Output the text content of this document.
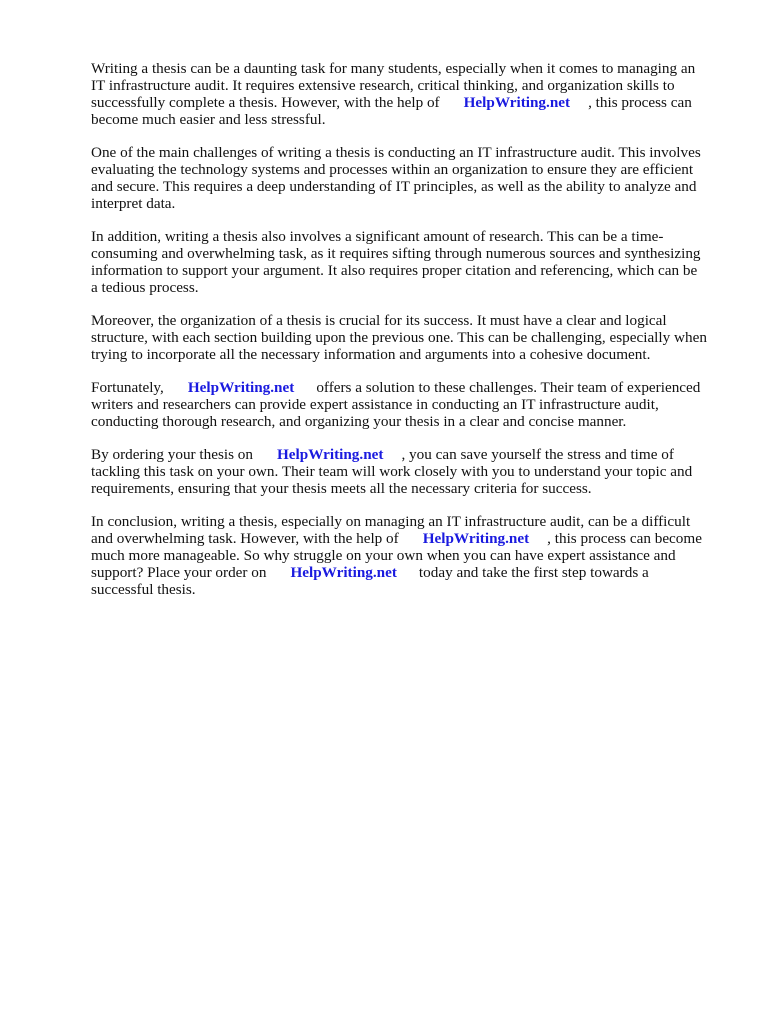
Writing a thesis can be a daunting task for many students, especially when it comes to managing an
IT infrastructure audit. It requires extensive research, critical thinking, and organization skills to
successfully complete a thesis. However, with the help of HelpWriting.net , this process can
become much easier and less stressful.

One of the main challenges of writing a thesis is conducting an IT infrastructure audit. This involves
evaluating the technology systems and processes within an organization to ensure they are efficient
and secure. This requires a deep understanding of IT principles, as well as the ability to analyze and
interpret data.

In addition, writing a thesis also involves a significant amount of research. This can be a time-
consuming and overwhelming task, as it requires sifting through numerous sources and synthesizing
information to support your argument. It also requires proper citation and referencing, which can be
a tedious process.

Moreover, the organization of a thesis is crucial for its success. It must have a clear and logical
structure, with each section building upon the previous one. This can be challenging, especially when
trying to incorporate all the necessary information and arguments into a cohesive document.

Fortunately, HelpWriting.net offers a solution to these challenges. Their team of experienced
writers and researchers can provide expert assistance in conducting an IT infrastructure audit,
conducting thorough research, and organizing your thesis in a clear and concise manner.

By ordering your thesis on HelpWriting.net , you can save yourself the stress and time of
tackling this task on your own. Their team will work closely with you to understand your topic and
requirements, ensuring that your thesis meets all the necessary criteria for success.

In conclusion, writing a thesis, especially on managing an IT infrastructure audit, can be a difficult
and overwhelming task. However, with the help of HelpWriting.net , this process can become
much more manageable. So why struggle on your own when you can have expert assistance and
support? Place your order on HelpWriting.net today and take the first step towards a
successful thesis.
